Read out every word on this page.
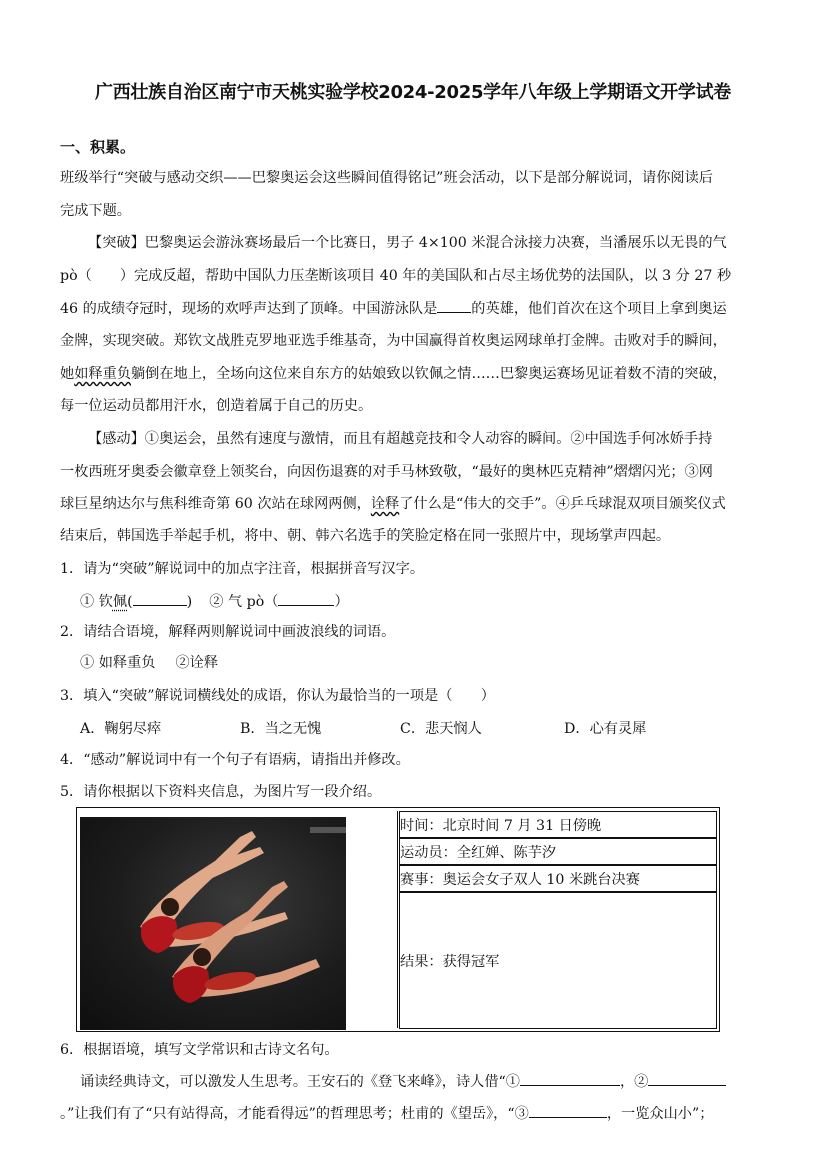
广西壮族自治区南宁市天桃实验学校2024-2025学年八年级上学期语文开学试卷
一、积累。
班级举行“突破与感动交织——巴黎奥运会这些瞬间值得铭记”班会活动，以下是部分解说词，请你阅读后
完成下题。
【突破】巴黎奥运会游泳赛场最后一个比赛日，男子 4×100 米混合泳接力决赛，当潘展乐以无畏的气
pò（ ）完成反超，帮助中国队力压垄断该项目 40 年的美国队和占尽主场优势的法国队，以 3 分 27 秒
46 的成绩夺冠时，现场的欢呼声达到了顶峰。中国游泳队是 的英雄，他们首次在这个项目上拿到奥运
金牌，实现突破。郑钦文战胜克罗地亚选手维基奇，为中国赢得首枚奥运网球单打金牌。击败对手的瞬间，
她如释重负躺倒在地上，全场向这位来自东方的姑娘致以钦佩之情……巴黎奥运赛场见证着数不清的突破，
每一位运动员都用汗水，创造着属于自己的历史。
【感动】①奥运会，虽然有速度与激情，而且有超越竞技和令人动容的瞬间。②中国选手何冰娇手持
一枚西班牙奥委会徽章登上领奖台，向因伤退赛的对手马林致敬，“最好的奥林匹克精神”熠熠闪光；③网
球巨星纳达尔与焦科维奇第 60 次站在球网两侧，诠释了什么是“伟大的交手”。④乒乓球混双项目颁奖仪式
结束后，韩国选手举起手机，将中、朝、韩六名选手的笑脸定格在同一张照片中，现场掌声四起。
1．请为“突破”解说词中的加点字注音，根据拼音写汉字。
① 钦佩(	) ② 气 pò（	）
2．请结合语境，解释两则解说词中画波浪线的词语。
① 如释重负 ②诠释
3．填入“突破”解说词横线处的成语，你认为最恰当的一项是（　　）
A．鞠躬尽瘁	B．当之无愧	C．悲天悯人	D．心有灵犀
4．“感动”解说词中有一个句子有语病，请指出并修改。
5．请你根据以下资料夹信息，为图片写一段介绍。
时间：北京时间 7 月 31 日傍晚
运动员：全红婵、陈芋汐
赛事：奥运会女子双人 10 米跳台决赛
结果：获得冠军
6．根据语境，填写文学常识和古诗文名句。
诵读经典诗文，可以激发人生思考。王安石的《登飞来峰》，诗人借“①	，②
。”让我们有了“只有站得高，才能看得远”的哲理思考；杜甫的《望岳》，“③	，一览众山小”；
